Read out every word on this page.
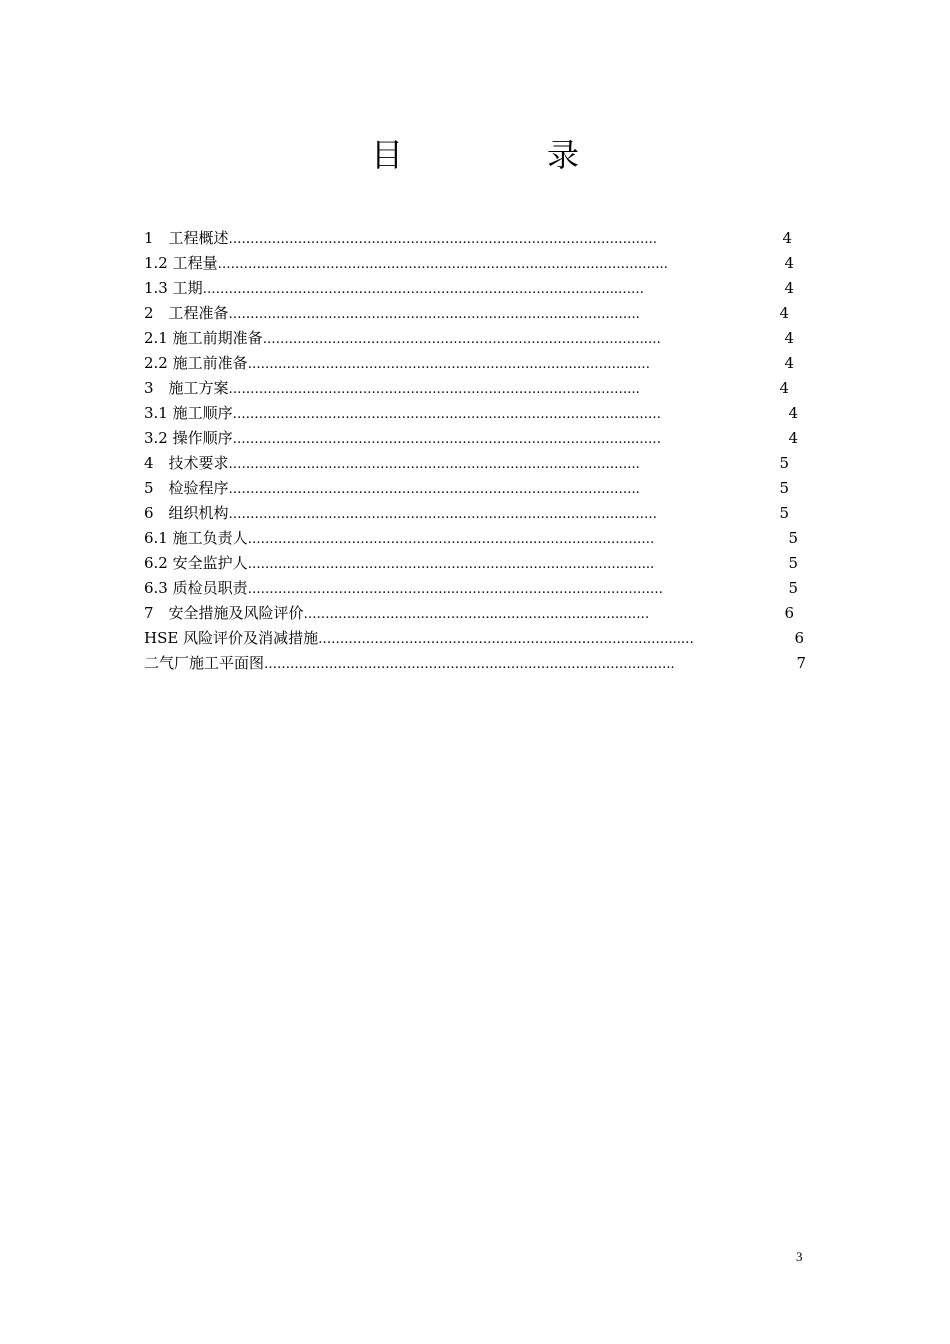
目　录
1　工程概述 ……………………………………………….……………………………………..	4
1.2 工程量 …………………………………………………………………………………………..	4
1.3 工期 …………………………………………………………………………………...……	4
2　工程准备 …………………………………………………………………………………..	4
2.1 施工前期准备 ……………………………………………………………………………..…	4
2.2 施工前准备 ……………………………………………………………………………...…	4
3　施工方案 …………………………………………………………………………………..	4
3.1 施工顺序 ………………………………………………………………………………...……	4
3.2 操作顺序 ………………………………………………………………………………...……	4
4　技术要求 …………………………………………………………………………………..	5
5　检验程序 …………………………………………………………………………………..	5
6　组织机构 ………………………………………………………………………………...……	5
6.1 施工负责人 ………………………………………………………...……………………….	5
6.2 安全监护人 …………………………………………………….…………………………...	5
6.3 质检员职责 ………………………………………...…………………………………………	5
7　安全措施及风险评价 ……………………………………...………………………..……	6
HSE 风险评价及消减措施 ………………………………………………...……………………...…	6
二气厂施工平面图 ……………………………………………….…….……………………….…..	7
3
